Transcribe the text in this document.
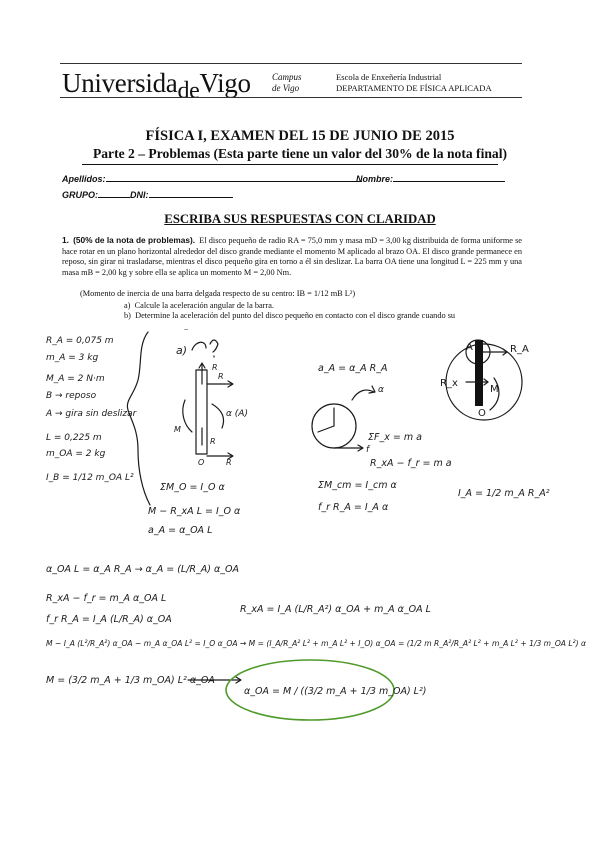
UniversidadeVigo Campus
de Vigo
Escola de Enxeñería Industrial
DEPARTAMENTO DE FÍSICA APLICADA
FÍSICA I, EXAMEN DEL 15 DE JUNIO DE 2015
Parte 2 – Problemas (Esta parte tiene un valor del 30% de la nota final)
Apellidos:	Nombre:
GRUPO:	DNI:
ESCRIBA SUS RESPUESTAS CON CLARIDAD
1. (50% de la nota de problemas). El disco pequeño de radio RA = 75,0 mm y masa mD = 3,00 kg distribuida de forma uniforme se hace rotar en un plano horizontal alrededor del disco grande mediante el momento M aplicado al brazo OA. El disco grande permanece en reposo, sin girar ni trasladarse, mientras el disco pequeño gira en torno a él sin deslizar. La barra OA tiene una longitud L = 225 mm y una masa mB = 2,00 kg y sobre ella se aplica un momento M = 2,00 Nm.
(Momento de inercia de una barra delgada respecto de su centro: IB = 1/12 mB L²)
a) Calcule la aceleración angular de la barra.
b) Determine la aceleración del punto del disco pequeño en contacto con el disco grande cuando su
R_A = 0,075 m
m_A = 3 kg
M_A = 2 N·m
B → reposo
A → gira sin deslizar
L = 0,225 m
m_OA = 2 kg
I_B = 1/12 m_OA L²
a)
R
R
α (A)
M
R
R
O
ΣM_O = I_O α
M − R_xA L = I_O α
a_A = α_OA L
a_A = α_A R_A
α
f
ΣF_x = m a
R_xA − f_r = m a
ΣM_cm = I_cm α
f_r R_A = I_A α
I_A = 1/2 m_A R_A²
A	R_A
R_x
M
O
α_OA L = α_A R_A → α_A = (L/R_A) α_OA
R_xA − f_r = m_A α_OA L
f_r R_A = I_A (L/R_A) α_OA
R_xA = I_A (L/R_A²) α_OA + m_A α_OA L
M − I_A (L²/R_A²) α_OA − m_A α_OA L² = I_O α_OA → M = (I_A/R_A² L² + m_A L² + I_O) α_OA = (1/2 m R_A²/R_A² L² + m_A L² + 1/3 m_OA L²) α
M = (3/2 m_A + 1/3 m_OA) L² α_OA
α_OA = M / ((3/2 m_A + 1/3 m_OA) L²)
